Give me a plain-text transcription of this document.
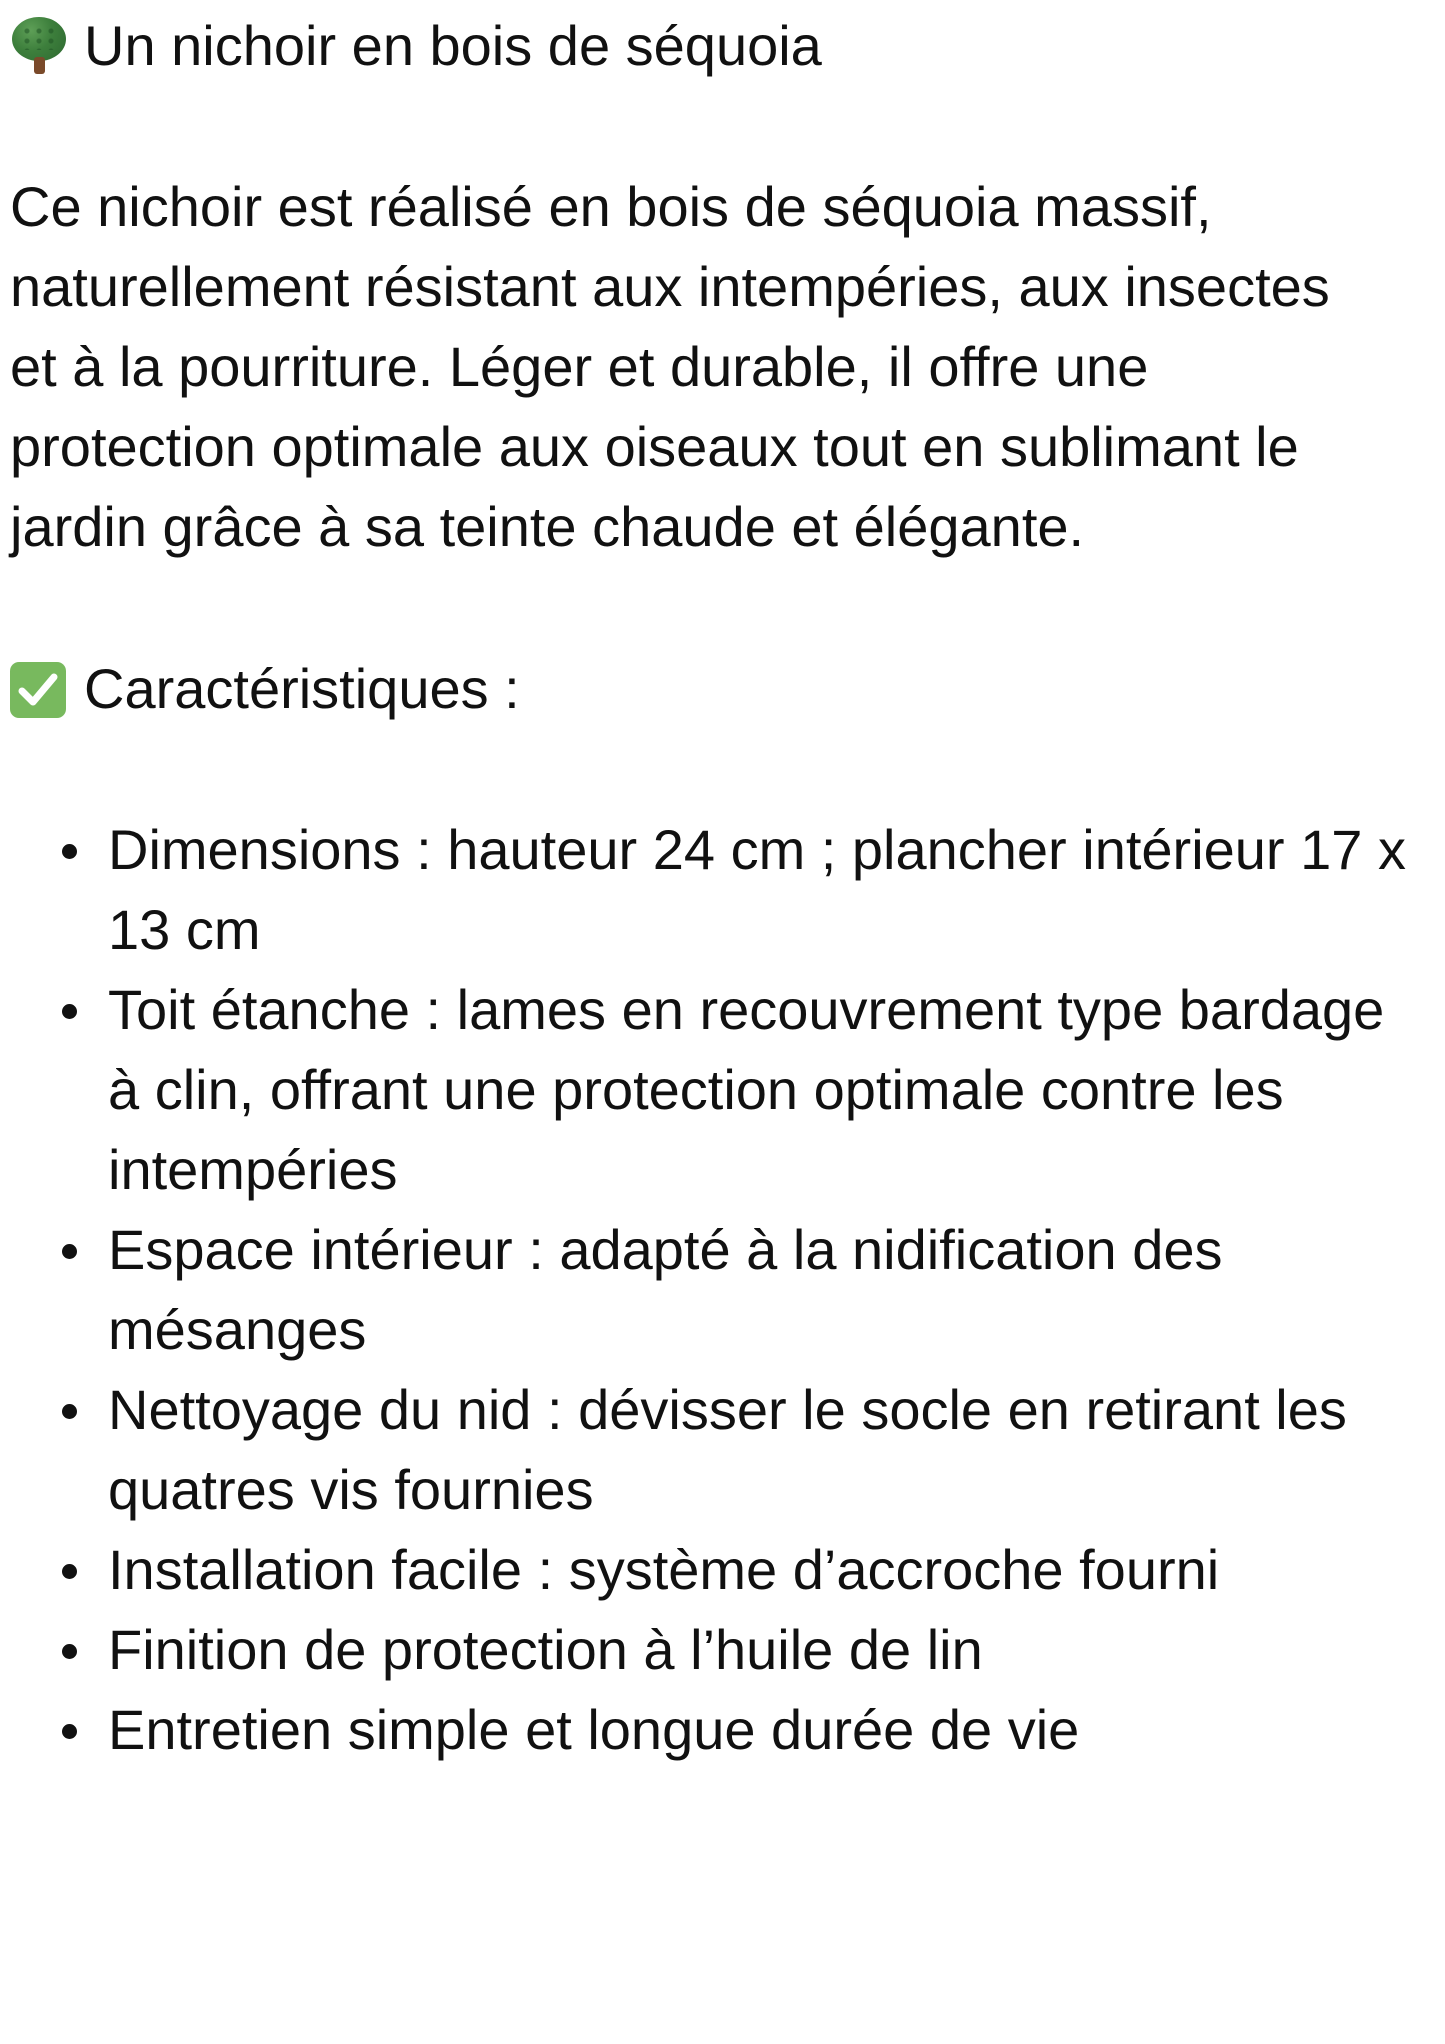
Un nichoir en bois de séquoia
Ce nichoir est réalisé en bois de séquoia massif,
naturellement résistant aux intempéries, aux insectes
et à la pourriture. Léger et durable, il offre une
protection optimale aux oiseaux tout en sublimant le
jardin grâce à sa teinte chaude et élégante.
Caractéristiques :
Dimensions : hauteur 24 cm ; plancher intérieur 17 x 13 cm
Toit étanche : lames en recouvrement type bardage à clin, offrant une protection optimale contre les intempéries
Espace intérieur : adapté à la nidification des mésanges
Nettoyage du nid : dévisser le socle en retirant les quatres vis fournies
Installation facile : système d’accroche fourni
Finition de protection à l’huile de lin
Entretien simple et longue durée de vie
